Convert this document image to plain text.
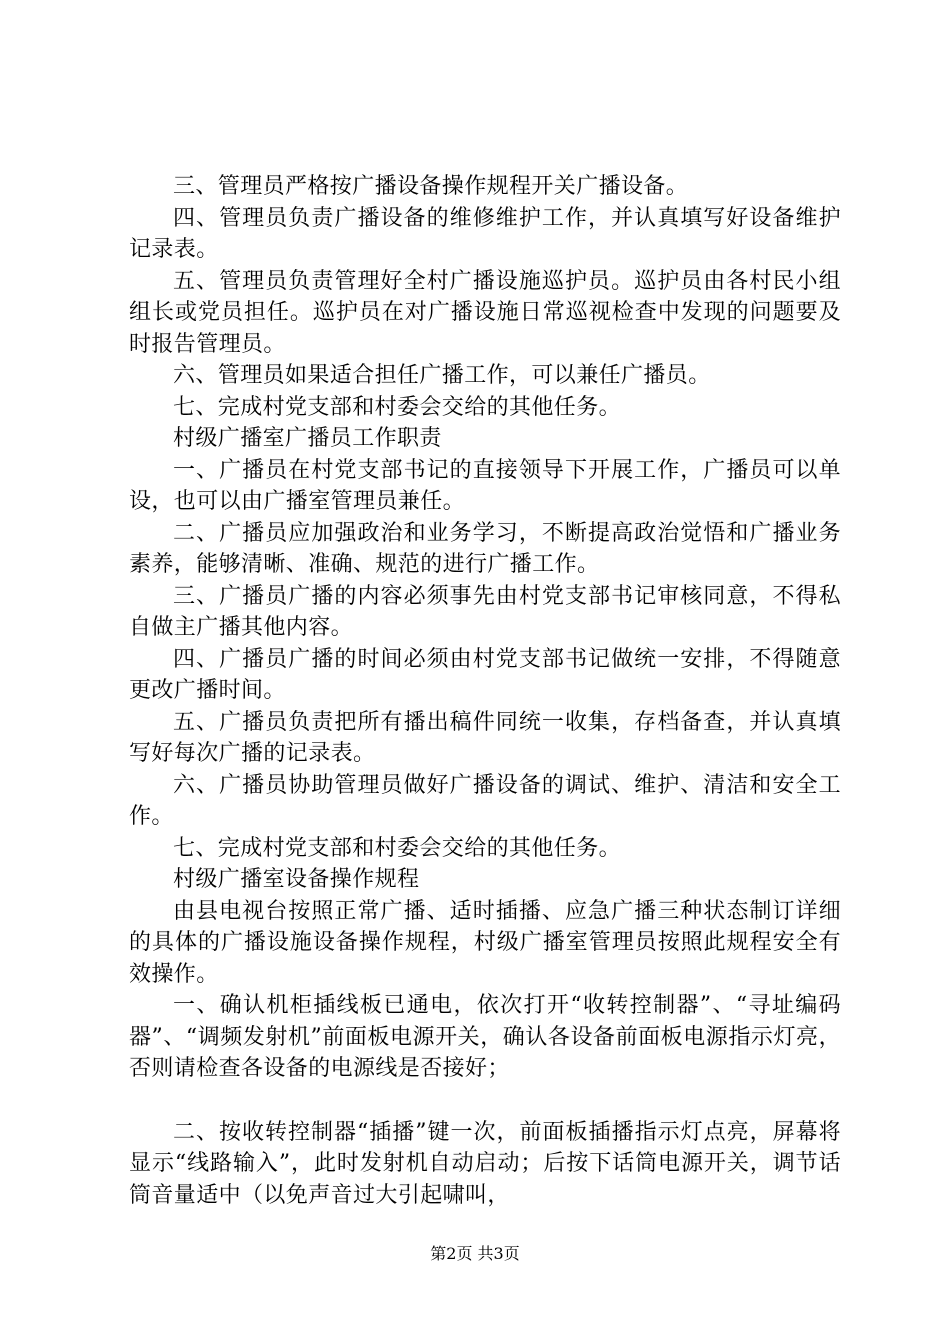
三、管理员严格按广播设备操作规程开关广播设备。

四、管理员负责广播设备的维修维护工作，并认真填写好设备维护记录表。

五、管理员负责管理好全村广播设施巡护员。巡护员由各村民小组组长或党员担任。巡护员在对广播设施日常巡视检查中发现的问题要及时报告管理员。

六、管理员如果适合担任广播工作，可以兼任广播员。

七、完成村党支部和村委会交给的其他任务。

村级广播室广播员工作职责

一、广播员在村党支部书记的直接领导下开展工作，广播员可以单设，也可以由广播室管理员兼任。

二、广播员应加强政治和业务学习，不断提高政治觉悟和广播业务素养，能够清晰、准确、规范的进行广播工作。

三、广播员广播的内容必须事先由村党支部书记审核同意，不得私自做主广播其他内容。

四、广播员广播的时间必须由村党支部书记做统一安排，不得随意更改广播时间。

五、广播员负责把所有播出稿件同统一收集，存档备查，并认真填写好每次广播的记录表。

六、广播员协助管理员做好广播设备的调试、维护、清洁和安全工作。

七、完成村党支部和村委会交给的其他任务。

村级广播室设备操作规程

由县电视台按照正常广播、适时插播、应急广播三种状态制订详细的具体的广播设施设备操作规程，村级广播室管理员按照此规程安全有效操作。

一、确认机柜插线板已通电，依次打开“收转控制器”、“寻址编码器”、“调频发射机”前面板电源开关，确认各设备前面板电源指示灯亮，否则请检查各设备的电源线是否接好；

二、按收转控制器“插播”键一次，前面板插播指示灯点亮，屏幕将显示“线路输入”，此时发射机自动启动；后按下话筒电源开关，调节话筒音量适中（以免声音过大引起啸叫，

第2页 共3页
